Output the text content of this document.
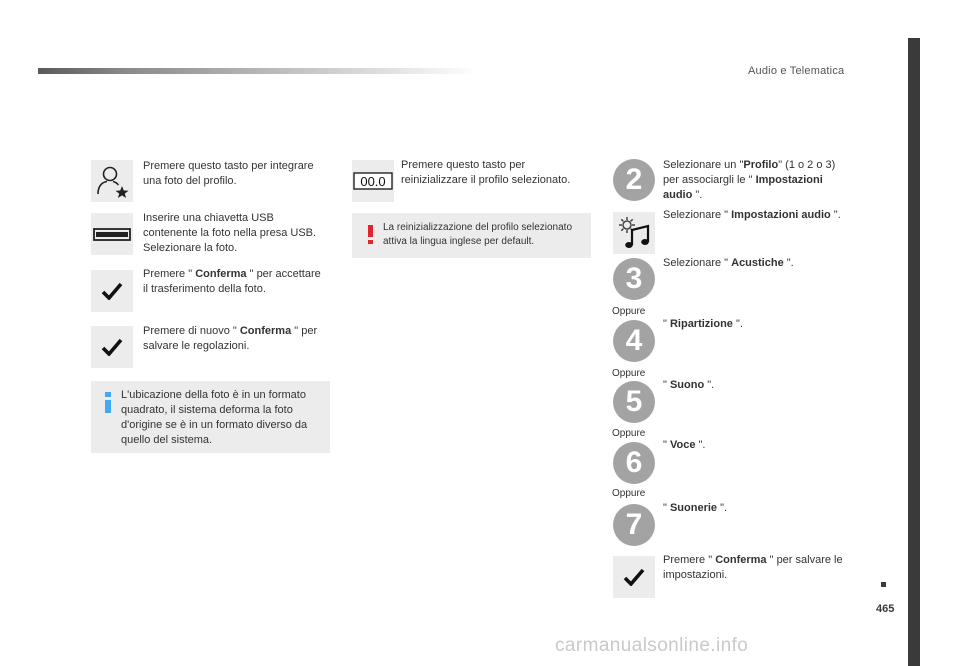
Audio e Telematica
465
carmanualsonline.info
Premere questo tasto per integrare
una foto del profilo.
Inserire una chiavetta USB
contenente la foto nella presa USB.
Selezionare la foto.
Premere " Conferma " per accettare
il trasferimento della foto.
Premere di nuovo " Conferma " per
salvare le regolazioni.
L'ubicazione della foto è in un formato
quadrato, il sistema deforma la foto
d'origine se è in un formato diverso da
quello del sistema.
00.0
Premere questo tasto per
reinizializzare il profilo selezionato.
La reinizializzazione del profilo selezionato
attiva la lingua inglese per default.
2	Selezionare un "Profilo" (1 o 2 o 3)
per associargli le " Impostazioni
audio ".
Selezionare " Impostazioni audio ".
3	Selezionare " Acustiche ".
Oppure
4	" Ripartizione ".
Oppure
5	" Suono ".
Oppure
6
" Voce ".
Oppure
7	" Suonerie ".
Premere " Conferma " per salvare le
impostazioni.
